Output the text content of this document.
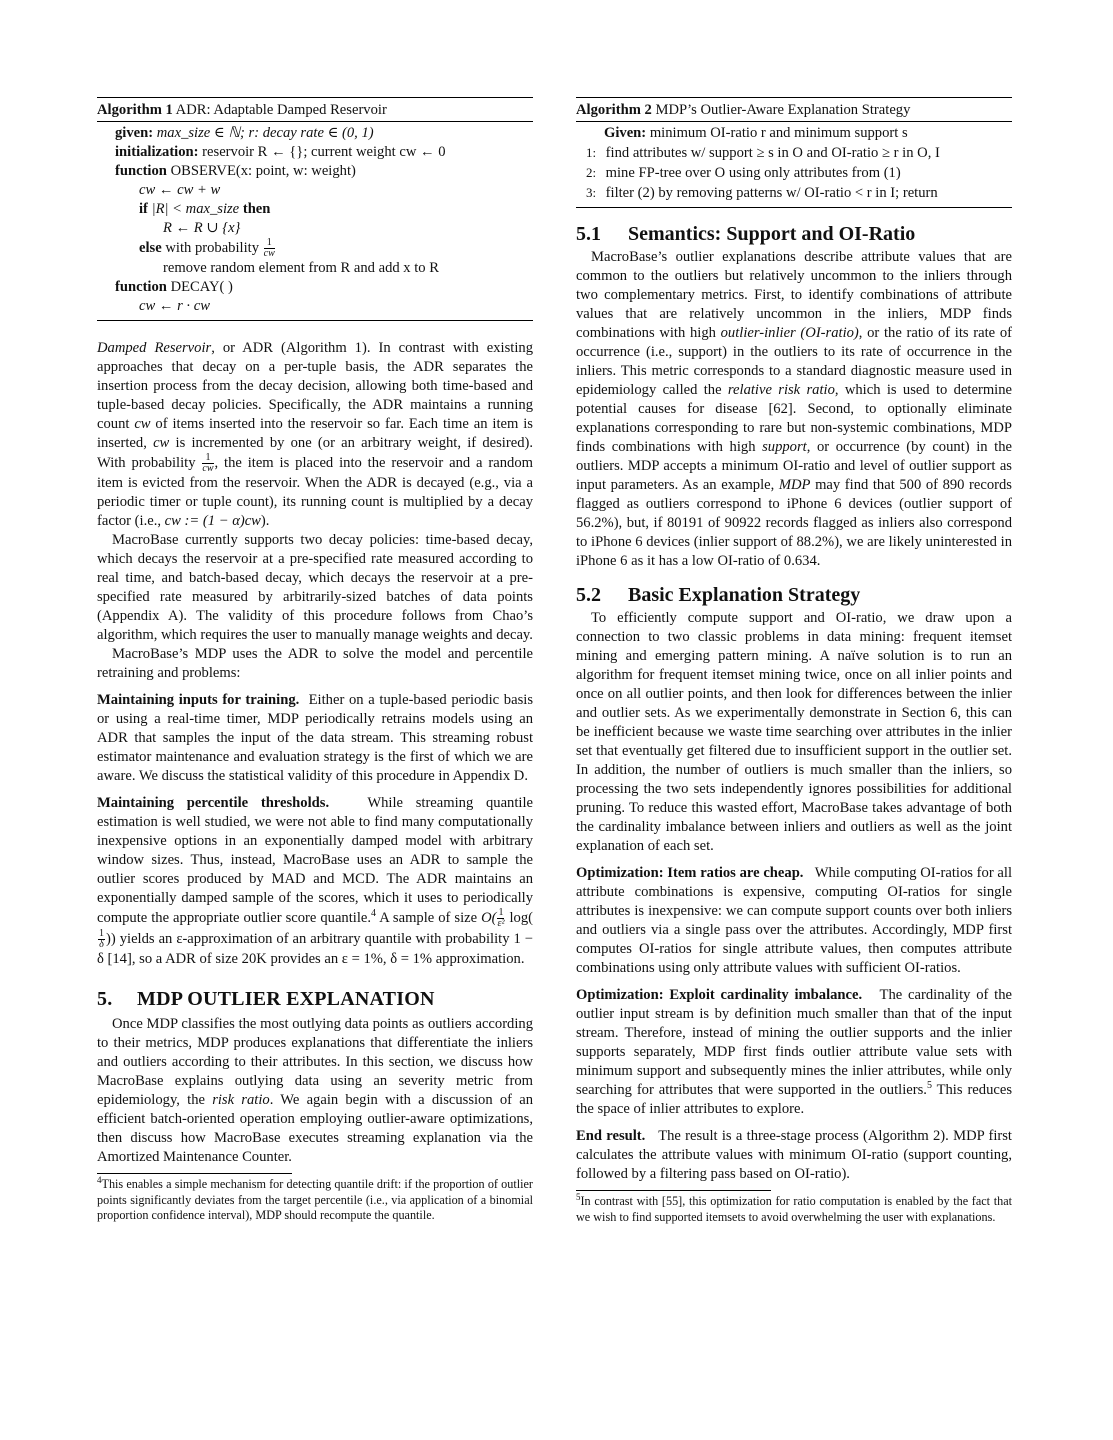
Algorithm 1 ADR: Adaptable Damped Reservoir
given: max_size ∈ ℕ; r: decay rate ∈ (0, 1)
initialization: reservoir R ← {}; current weight cw ← 0
function OBSERVE(x: point, w: weight)
cw ← cw + w
if |R| < max_size then
R ← R ∪ {x}
else with probability $\frac{1}{cw}$
remove random element from R and add x to R
function DECAY( )
cw ← r · cw

Damped Reservoir, or ADR (Algorithm 1). In contrast with existing approaches that decay on a per-tuple basis, the ADR separates the insertion process from the decay decision, allowing both time-based and tuple-based decay policies. Specifically, the ADR maintains a running count cw of items inserted into the reservoir so far. Each time an item is inserted, cw is incremented by one (or an arbitrary weight, if desired). With probability $\frac{1}{cw}$ , the item is placed into the reservoir and a random item is evicted from the reservoir. When the ADR is decayed (e.g., via a periodic timer or tuple count), its running count is multiplied by a decay factor (i.e., cw := (1 − α)cw).

MacroBase currently supports two decay policies: time-based decay, which decays the reservoir at a pre-specified rate measured according to real time, and batch-based decay, which decays the reservoir at a pre-specified rate measured by arbitrarily-sized batches of data points (Appendix A). The validity of this procedure follows from Chao’s algorithm, which requires the user to manually manage weights and decay.

MacroBase’s MDP uses the ADR to solve the model and percentile retraining and problems:

Maintaining inputs for training. Either on a tuple-based periodic basis or using a real-time timer, MDP periodically retrains models using an ADR that samples the input of the data stream. This streaming robust estimator maintenance and evaluation strategy is the first of which we are aware. We discuss the statistical validity of this procedure in Appendix D.

Maintaining percentile thresholds.	While streaming quantile estimation is well studied, we were not able to find many computationally inexpensive options in an exponentially damped model with arbitrary window sizes. Thus, instead, MacroBase uses an ADR to sample the outlier scores produced by MAD and MCD. The ADR maintains an exponentially damped sample of the scores, which it uses to periodically compute the appropriate outlier score quantile.$^4$ A sample of size $O( \frac{1}{\text{ε²}} \log$(
$\frac{1}{\delta}$ )) yields an ε-approximation of an arbitrary quantile with probability 1 − δ [14], so a ADR of size 20K provides an ε = 1%, δ = 1% approximation.

5. MDP OUTLIER EXPLANATION

Once MDP classifies the most outlying data points as outliers according to their metrics, MDP produces explanations that differentiate the inliers and outliers according to their attributes. In this section, we discuss how MacroBase explains outlying data using an severity metric from epidemiology, the risk ratio. We again begin with a discussion of an efficient batch-oriented operation employing outlier-aware optimizations, then discuss how MacroBase executes streaming explanation via the Amortized Maintenance Counter.

$^4$This enables a simple mechanism for detecting quantile drift: if the proportion of outlier points significantly deviates from the target percentile (i.e., via application of a binomial proportion confidence interval), MDP should recompute the quantile.

Algorithm 2 MDP’s Outlier-Aware Explanation Strategy
Given: minimum OI-ratio r and minimum support s
1: find attributes w/ support ≥ s in O and OI-ratio ≥ r in O, I
2: mine FP-tree over O using only attributes from (1)
3: filter (2) by removing patterns w/ OI-ratio < r in I; return
5.1 Semantics: Support and OI-Ratio

MacroBase’s outlier explanations describe attribute values that are common to the outliers but relatively uncommon to the inliers through two complementary metrics. First, to identify combinations of attribute values that are relatively uncommon in the inliers, MDP finds combinations with high outlier-inlier (OI-ratio), or the ratio of its rate of occurrence (i.e., support) in the outliers to its rate of occurrence in the inliers. This metric corresponds to a standard diagnostic measure used in epidemiology called the relative risk ratio, which is used to determine potential causes for disease [62]. Second, to optionally eliminate explanations corresponding to rare but non-systemic combinations, MDP finds combinations with high support, or occurrence (by count) in the outliers. MDP accepts a minimum OI-ratio and level of outlier support as input parameters. As an example, MDP may find that 500 of 890 records flagged as outliers correspond to iPhone 6 devices (outlier support of 56.2%), but, if 80191 of 90922 records flagged as inliers also correspond to iPhone 6 devices (inlier support of 88.2%), we are likely uninterested in iPhone 6 as it has a low OI-ratio of 0.634.

5.2 Basic Explanation Strategy

To efficiently compute support and OI-ratio, we draw upon a connection to two classic problems in data mining: frequent itemset mining and emerging pattern mining. A naïve solution is to run an algorithm for frequent itemset mining twice, once on all inlier points and once on all outlier points, and then look for differences between the inlier and outlier sets. As we experimentally demonstrate in Section 6, this can be inefficient because we waste time searching over attributes in the inlier set that eventually get filtered due to insufficient support in the outlier set. In addition, the number of outliers is much smaller than the inliers, so processing the two sets independently ignores possibilities for additional pruning. To reduce this wasted effort, MacroBase takes advantage of both the cardinality imbalance between inliers and outliers as well as the joint explanation of each set.

Optimization: Item ratios are cheap. While computing OI-ratios for all attribute combinations is expensive, computing OI-ratios for single attributes is inexpensive: we can compute support counts over both inliers and outliers via a single pass over the attributes. Accordingly, MDP first computes OI-ratios for single attribute values, then computes attribute combinations using only attribute values with sufficient OI-ratios.

Optimization: Exploit cardinality imbalance. The cardinality of the outlier input stream is by definition much smaller than that of the input stream. Therefore, instead of mining the outlier supports and the inlier supports separately, MDP first finds outlier attribute value sets with minimum support and subsequently mines the inlier attributes, while only searching for attributes that were supported in the outliers.$^5$ This reduces the space of inlier attributes to explore.

End result. The result is a three-stage process (Algorithm 2). MDP first calculates the attribute values with minimum OI-ratio (support counting, followed by a filtering pass based on OI-ratio).

$^5$In contrast with [55], this optimization for ratio computation is enabled by the fact that we wish to find supported itemsets to avoid overwhelming the user with explanations.
